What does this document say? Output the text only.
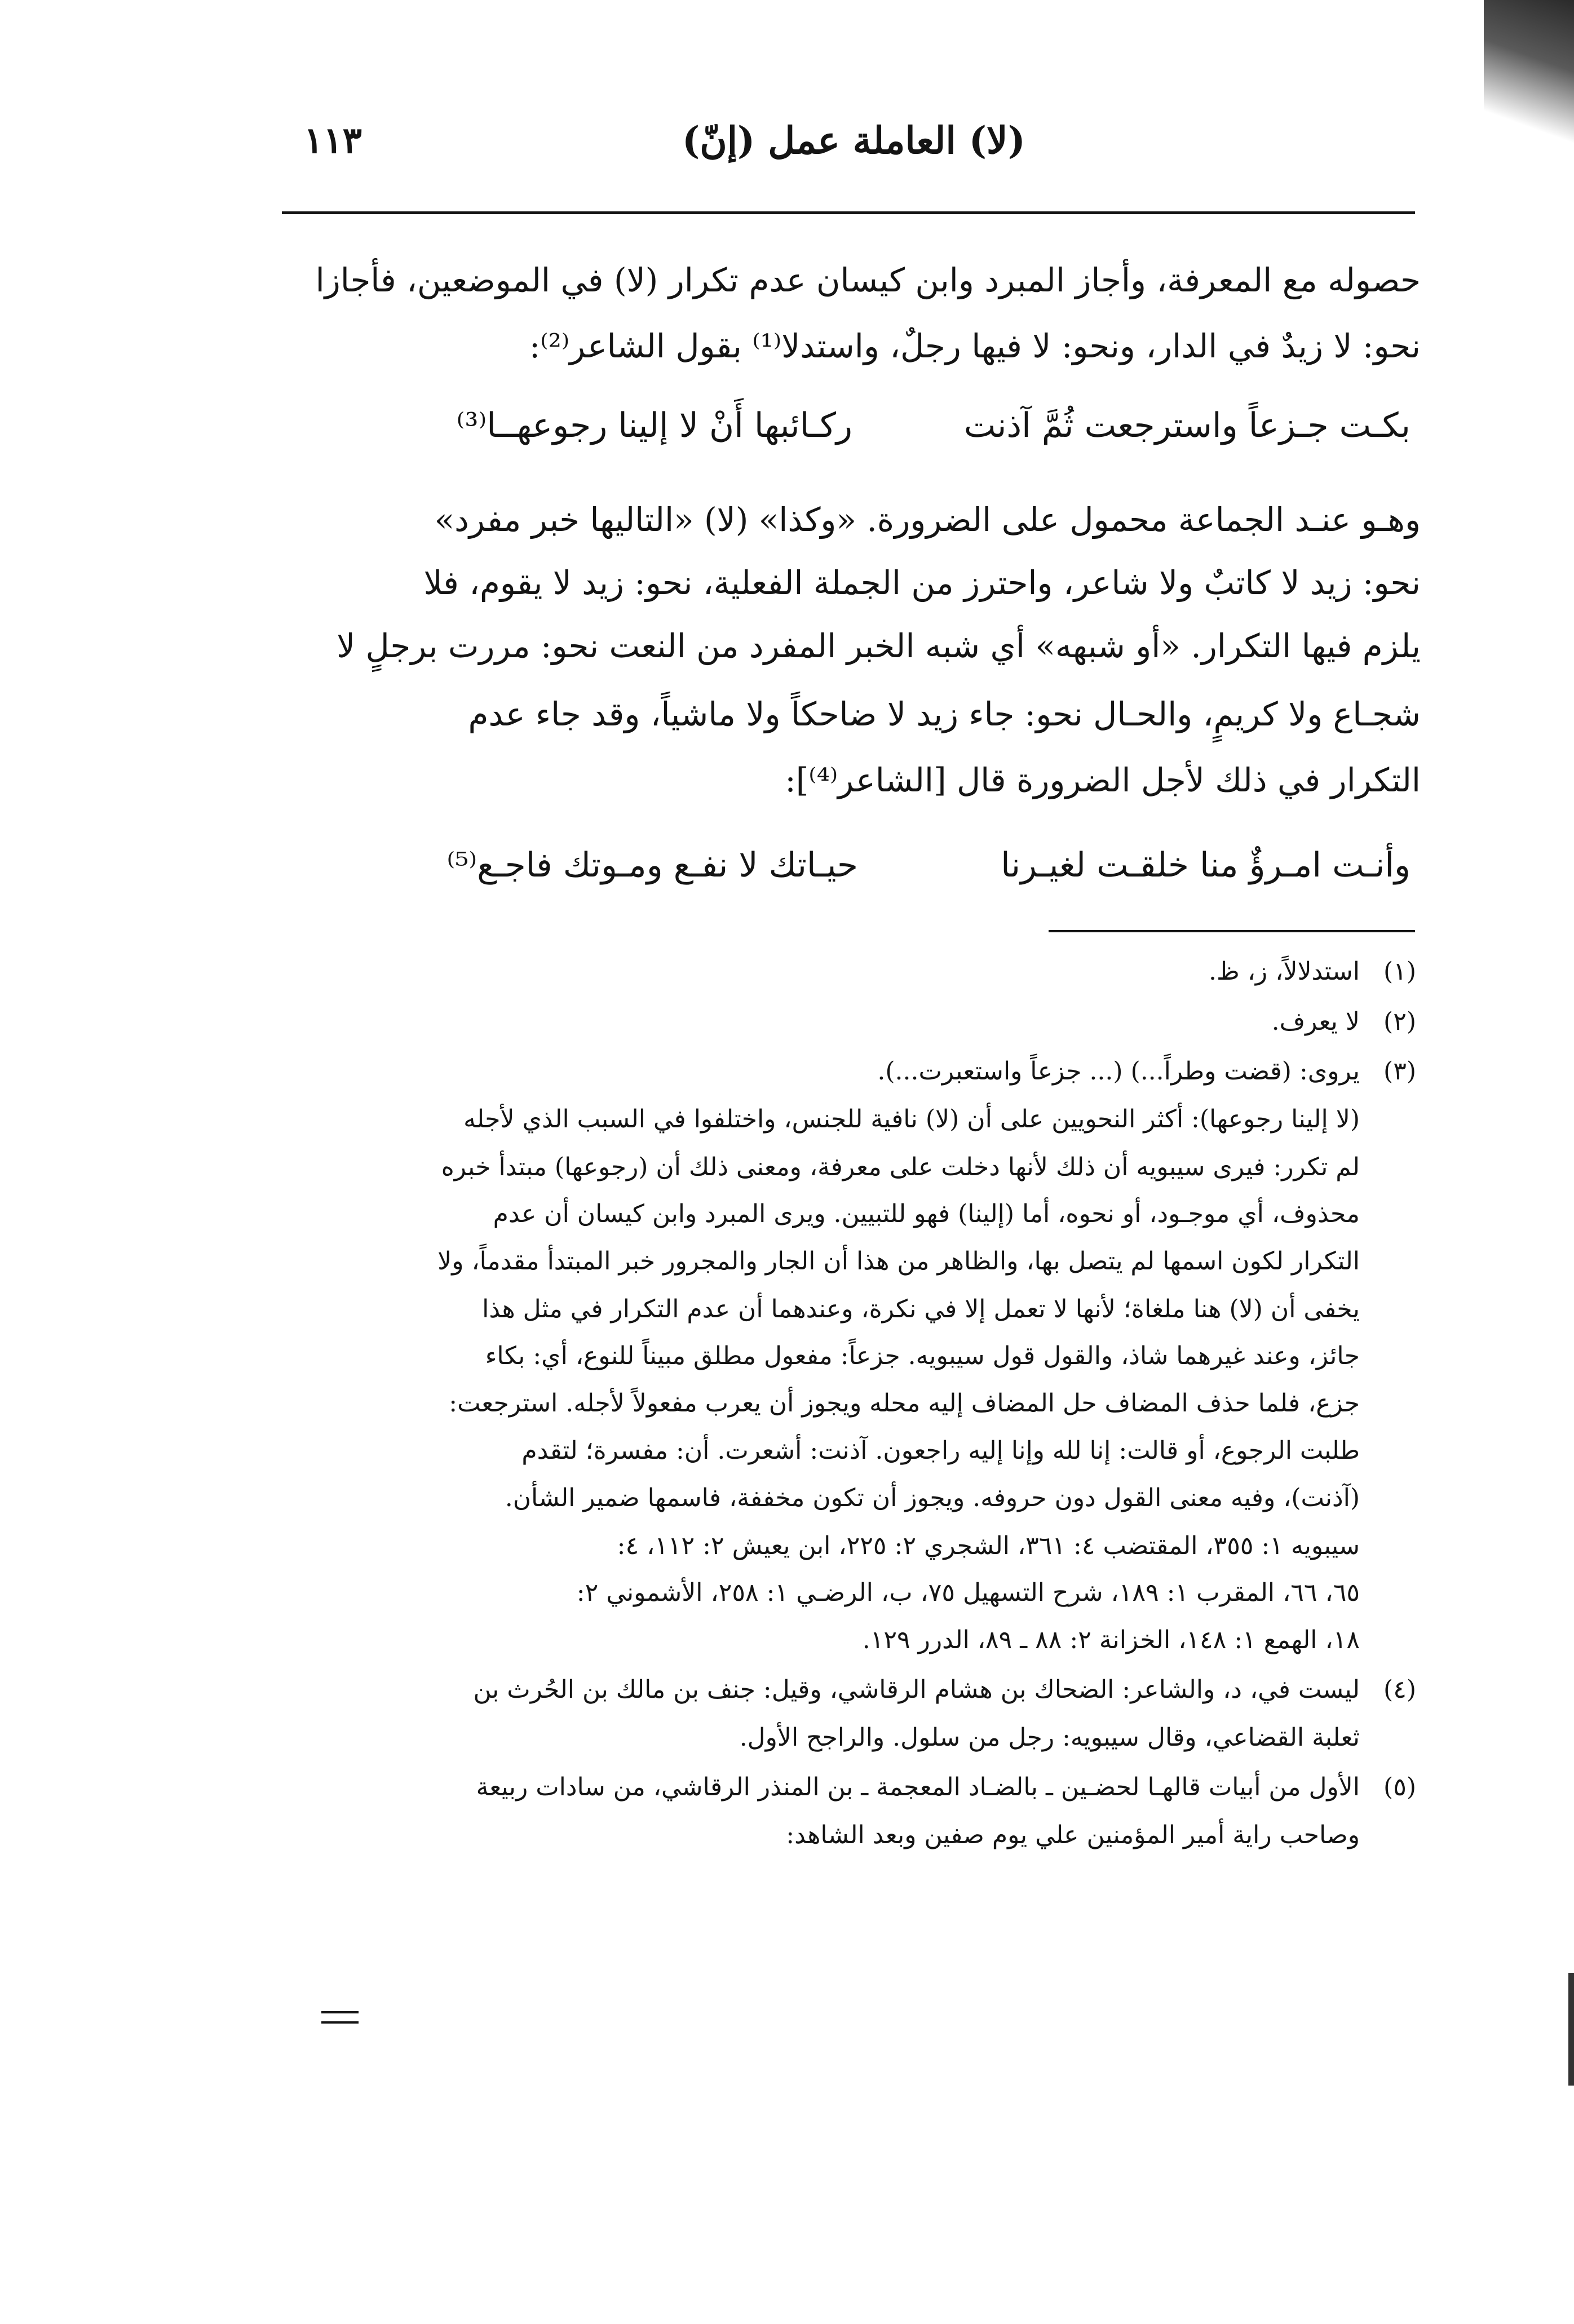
١١٣	(لا) العاملة عمل (إنّ)
حصوله مع المعرفة، وأجاز المبرد وابن كيسان عدم تكرار (لا) في الموضعين، فأجازا
نحو: لا زيدٌ في الدار، ونحو: لا فيها رجلٌ، واستدلا⁽¹⁾ بقول الشاعر⁽²⁾:
بكـت جـزعاً واسترجعت ثُمَّ آذنت
ركـائبها أَنْ لا إلينا رجوعهــا⁽³⁾
وهـو عنـد الجماعة محمول على الضرورة. «وكذا» (لا) «التاليها خبر مفرد»
نحو: زيد لا كاتبٌ ولا شاعر، واحترز من الجملة الفعلية، نحو: زيد لا يقوم، فلا
يلزم فيها التكرار. «أو شبهه» أي شبه الخبر المفرد من النعت نحو: مررت برجلٍ لا
شجـاع ولا كريمٍ، والحـال نحو: جاء زيد لا ضاحكاً ولا ماشياً، وقد جاء عدم
التكرار في ذلك لأجل الضرورة قال [الشاعر⁽⁴⁾]:
وأنـت امـرؤٌ منا خلقـت لغيـرنا
حيـاتك لا نفـع ومـوتك فاجـع⁽⁵⁾
(١)
استدلالاً، ز، ظ.
(٢)
لا يعرف.
(٣)
يروى: (قضت وطراً...) (... جزعاً واستعبرت...).
(لا إلينا رجوعها): أكثر النحويين على أن (لا) نافية للجنس، واختلفوا في السبب الذي لأجله
لم تكرر: فيرى سيبويه أن ذلك لأنها دخلت على معرفة، ومعنى ذلك أن (رجوعها) مبتدأ خبره
محذوف، أي موجـود، أو نحوه، أما (إلينا) فهو للتبيين. ويرى المبرد وابن كيسان أن عدم
التكرار لكون اسمها لم يتصل بها، والظاهر من هذا أن الجار والمجرور خبر المبتدأ مقدماً، ولا
يخفى أن (لا) هنا ملغاة؛ لأنها لا تعمل إلا في نكرة، وعندهما أن عدم التكرار في مثل هذا
جائز، وعند غيرهما شاذ، والقول قول سيبويه. جزعاً: مفعول مطلق مبيناً للنوع، أي: بكاء
جزع، فلما حذف المضاف حل المضاف إليه محله ويجوز أن يعرب مفعولاً لأجله. استرجعت:
طلبت الرجوع، أو قالت: إنا لله وإنا إليه راجعون. آذنت: أشعرت. أن: مفسرة؛ لتقدم
(آذنت)، وفيه معنى القول دون حروفه. ويجوز أن تكون مخففة، فاسمها ضمير الشأن.
سيبويه ١: ٣٥٥، المقتضب ٤: ٣٦١، الشجري ٢: ٢٢٥، ابن يعيش ٢: ١١٢، ٤:
٦٥، ٦٦، المقرب ١: ١٨٩، شرح التسهيل ٧٥، ب، الرضـي ١: ٢٥٨، الأشموني ٢:
١٨، الهمع ١: ١٤٨، الخزانة ٢: ٨٨ ـ ٨٩، الدرر ١٢٩.
(٤)
ليست في، د، والشاعر: الضحاك بن هشام الرقاشي، وقيل: جنف بن مالك بن الحُرث بن
ثعلبة القضاعي، وقال سيبويه: رجل من سلول. والراجح الأول.
(٥)
الأول من أبيات قالهـا لحضـين ـ بالضـاد المعجمة ـ بن المنذر الرقاشي، من سادات ربيعة
وصاحب راية أمير المؤمنين علي يوم صفين وبعد الشاهد:
